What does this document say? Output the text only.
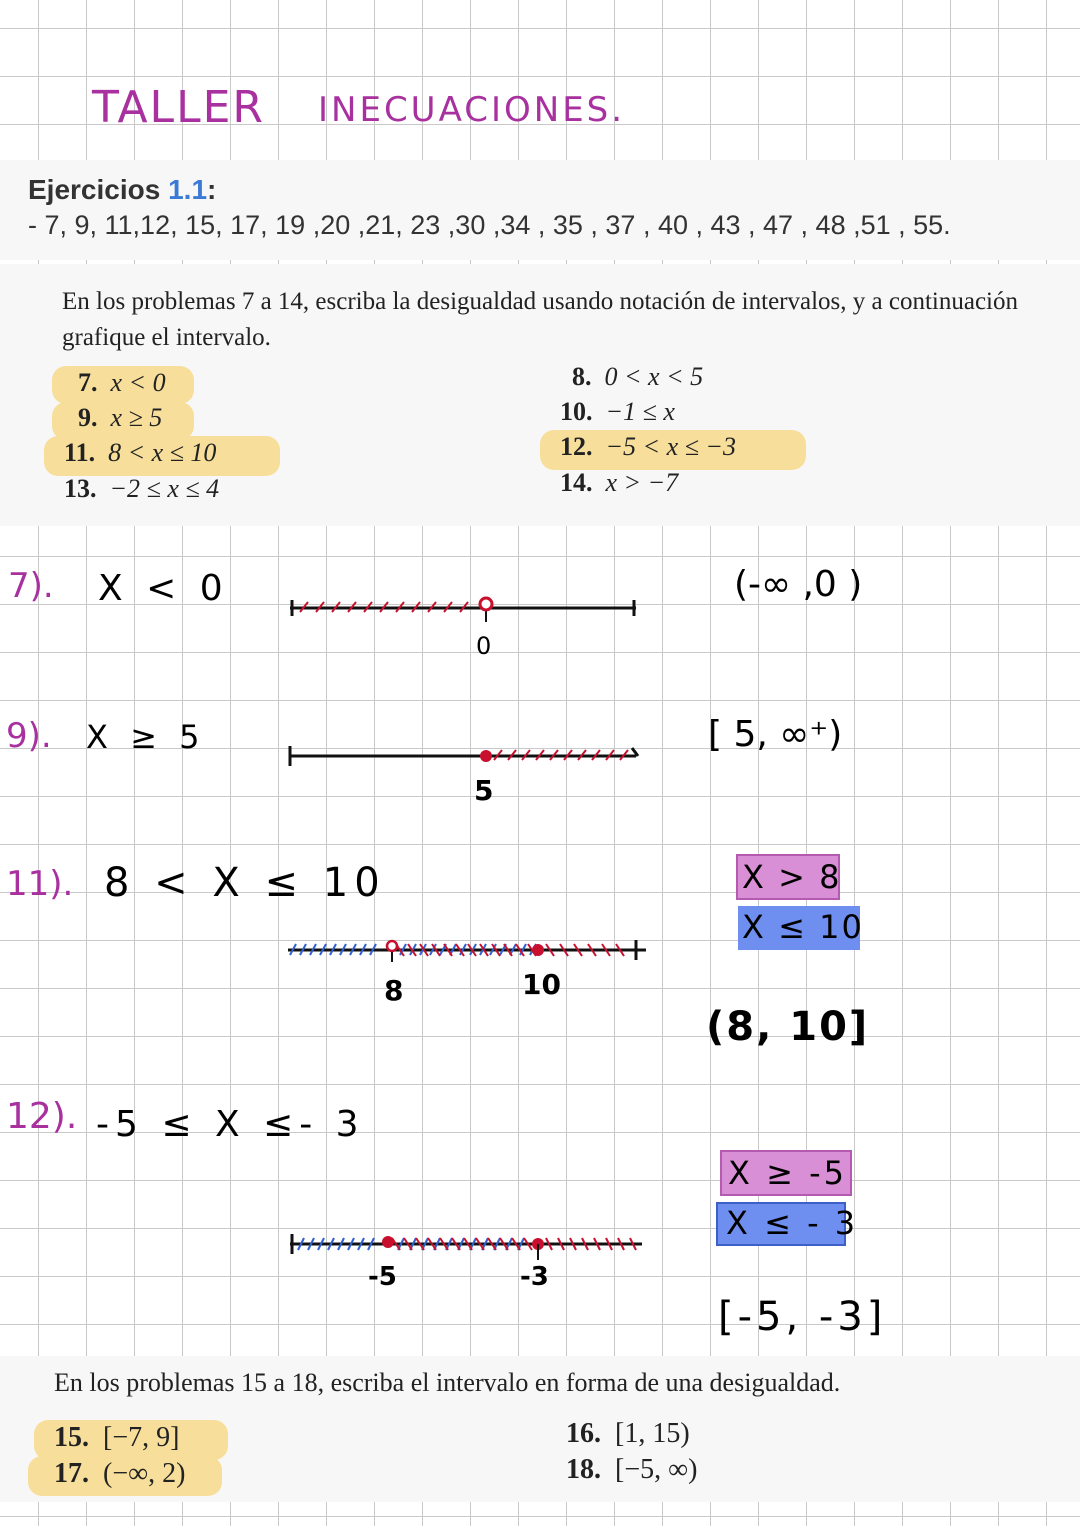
TALLER INECUACIONES.
Ejercicios 1.1:
- 7, 9, 11,12, 15, 17, 19 ,20 ,21, 23 ,30 ,34 , 35 , 37 , 40 , 43 , 47 , 48 ,51 , 55.
En los problemas 7 a 14, escriba la desigualdad usando notación de intervalos, y a continuación grafique el intervalo.
7. x < 0	8. 0 < x < 5
9. x ≥ 5	10. −1 ≤ x
11. 8 < x ≤ 10	12. −5 < x ≤ −3
13. −2 ≤ x ≤ 4	14. x > −7
7). X < 0
0
(-∞ ,0 )
9). X ≥ 5
5
[ 5, ∞⁺)
11). 8 < X ≤ 10
8	10
X > 8
X ≤ 10
(8, 10]
12). -5 ≤ X ≤- 3
X ≥ -5
X ≤ - 3
-5	-3
[-5, -3]
En los problemas 15 a 18, escriba el intervalo en forma de una desigualdad.
15. [−7, 9]	16. [1, 15)
17. (−∞, 2)	18. [−5, ∞)
